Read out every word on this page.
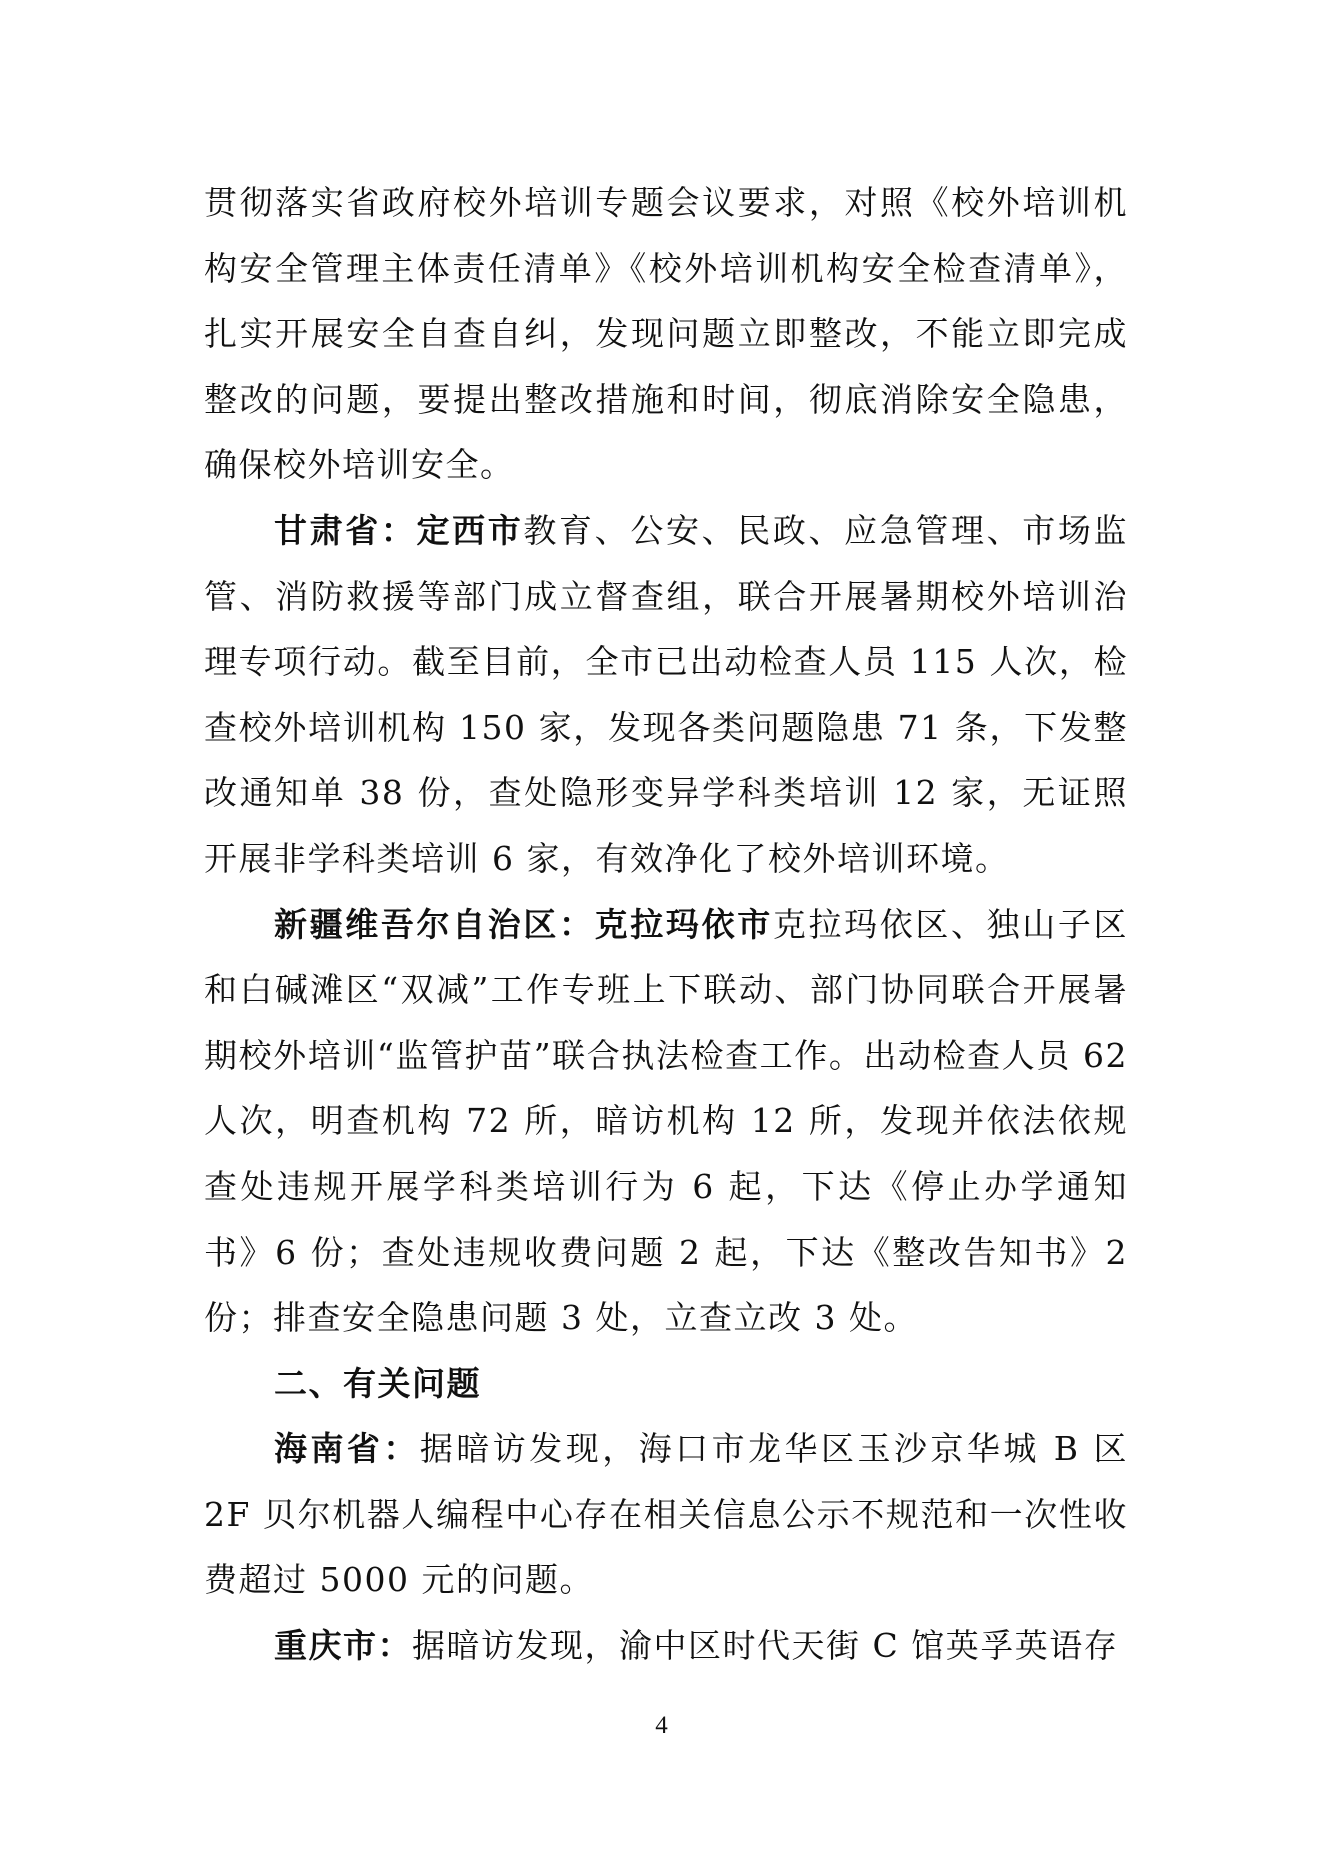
贯彻落实省政府校外培训专题会议要求，对照《校外培训机构安全管理主体责任清单》《校外培训机构安全检查清单》，扎实开展安全自查自纠，发现问题立即整改，不能立即完成整改的问题，要提出整改措施和时间，彻底消除安全隐患，确保校外培训安全。

甘肃省：定西市教育、公安、民政、应急管理、市场监管、消防救援等部门成立督查组，联合开展暑期校外培训治理专项行动。截至目前，全市已出动检查人员 115 人次，检查校外培训机构 150 家，发现各类问题隐患 71 条，下发整改通知单 38 份，查处隐形变异学科类培训 12 家，无证照开展非学科类培训 6 家，有效净化了校外培训环境。

新疆维吾尔自治区：克拉玛依市克拉玛依区、独山子区和白碱滩区“双减”工作专班上下联动、部门协同联合开展暑期校外培训“监管护苗”联合执法检查工作。出动检查人员 62 人次，明查机构 72 所，暗访机构 12 所，发现并依法依规查处违规开展学科类培训行为 6 起，下达《停止办学通知书》6 份；查处违规收费问题 2 起，下达《整改告知书》2 份；排查安全隐患问题 3 处，立查立改 3 处。

二、有关问题

海南省：据暗访发现，海口市龙华区玉沙京华城 B 区 2F 贝尔机器人编程中心存在相关信息公示不规范和一次性收费超过 5000 元的问题。

重庆市：据暗访发现，渝中区时代天街 C 馆英孚英语存

4
